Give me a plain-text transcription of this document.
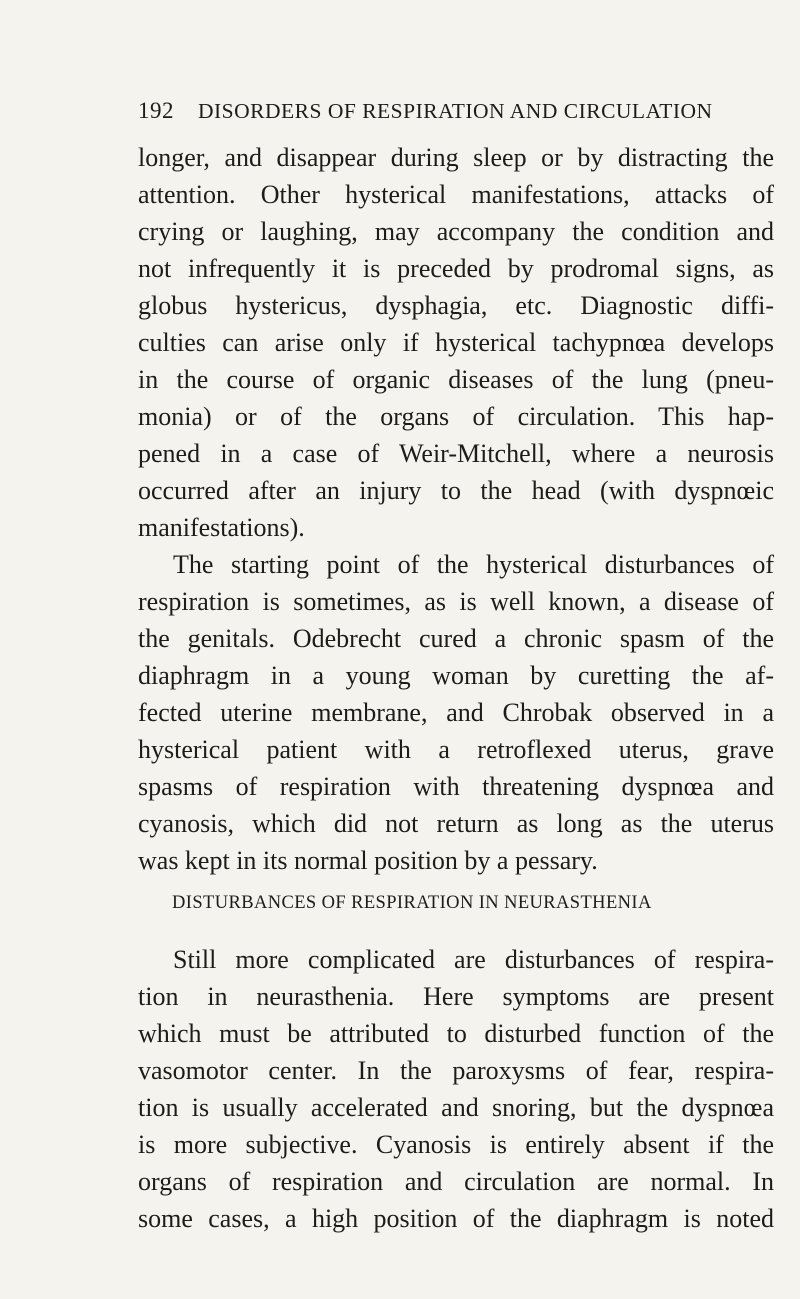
192 DISORDERS OF RESPIRATION AND CIRCULATION
longer, and disappear during sleep or by distracting the
attention. Other hysterical manifestations, attacks of
crying or laughing, may accompany the condition and
not infrequently it is preceded by prodromal signs, as
globus hystericus, dysphagia, etc. Diagnostic diffi-
culties can arise only if hysterical tachypnœa develops
in the course of organic diseases of the lung (pneu-
monia) or of the organs of circulation. This hap-
pened in a case of Weir-Mitchell, where a neurosis
occurred after an injury to the head (with dyspnœic
manifestations).
The starting point of the hysterical disturbances of
respiration is sometimes, as is well known, a disease of
the genitals. Odebrecht cured a chronic spasm of the
diaphragm in a young woman by curetting the af-
fected uterine membrane, and Chrobak observed in a
hysterical patient with a retroflexed uterus, grave
spasms of respiration with threatening dyspnœa and
cyanosis, which did not return as long as the uterus
was kept in its normal position by a pessary.
DISTURBANCES OF RESPIRATION IN NEURASTHENIA
Still more complicated are disturbances of respira-
tion in neurasthenia. Here symptoms are present
which must be attributed to disturbed function of the
vasomotor center. In the paroxysms of fear, respira-
tion is usually accelerated and snoring, but the dyspnœa
is more subjective. Cyanosis is entirely absent if the
organs of respiration and circulation are normal. In
some cases, a high position of the diaphragm is noted
